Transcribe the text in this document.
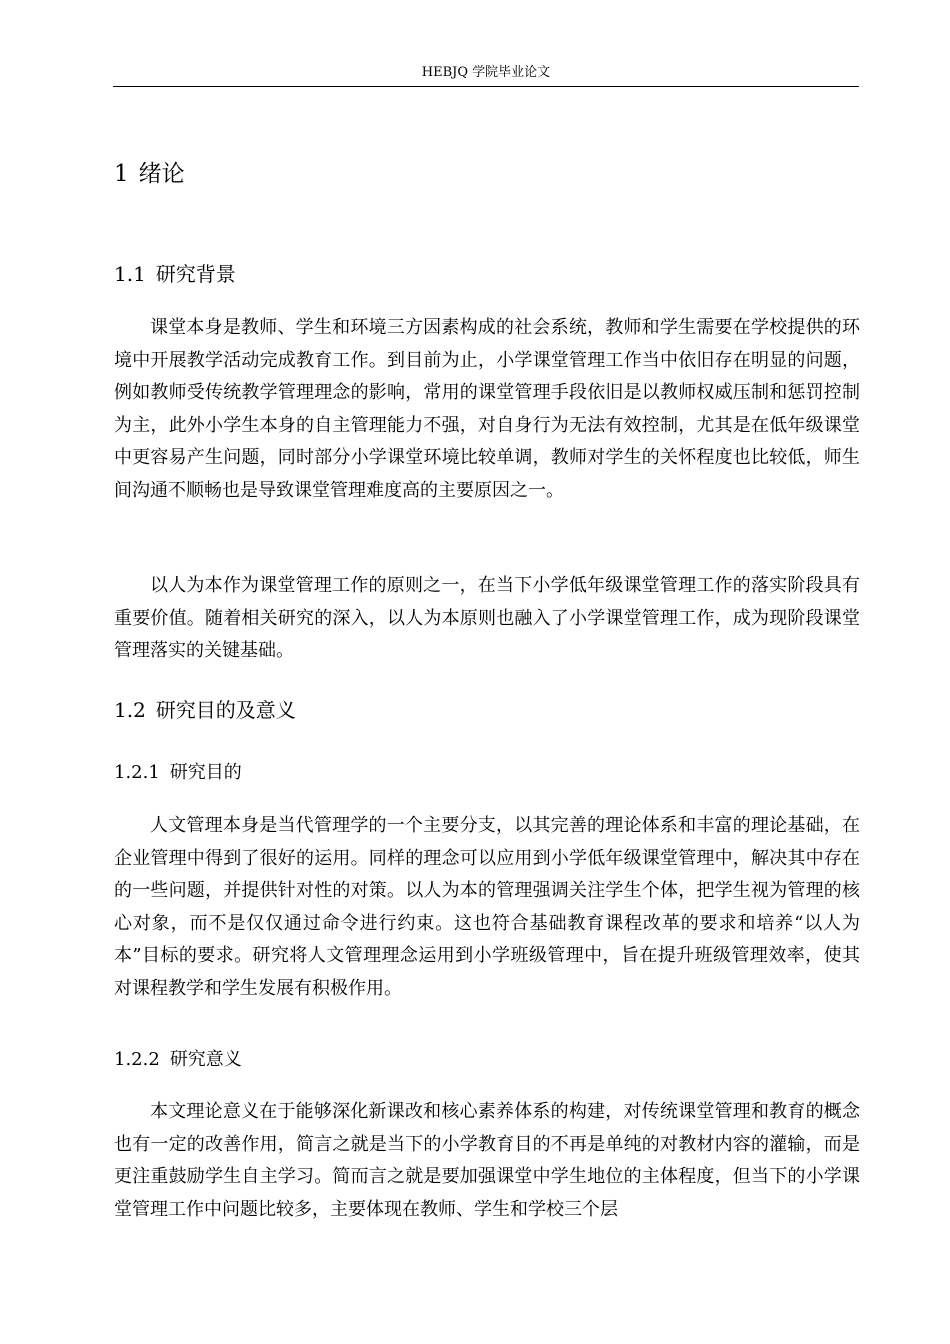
HEBJQ 学院毕业论文
1 绪论
1.1 研究背景

课堂本身是教师、学生和环境三方因素构成的社会系统，教师和学生需要在学校提供的环境中开展教学活动完成教育工作。到目前为止，小学课堂管理工作当中依旧存在明显的问题，例如教师受传统教学管理理念的影响，常用的课堂管理手段依旧是以教师权威压制和惩罚控制为主，此外小学生本身的自主管理能力不强，对自身行为无法有效控制，尤其是在低年级课堂中更容易产生问题，同时部分小学课堂环境比较单调，教师对学生的关怀程度也比较低，师生间沟通不顺畅也是导致课堂管理难度高的主要原因之一。

以人为本作为课堂管理工作的原则之一，在当下小学低年级课堂管理工作的落实阶段具有重要价值。随着相关研究的深入，以人为本原则也融入了小学课堂管理工作，成为现阶段课堂管理落实的关键基础。

1.2 研究目的及意义
1.2.1 研究目的

人文管理本身是当代管理学的一个主要分支，以其完善的理论体系和丰富的理论基础，在企业管理中得到了很好的运用。同样的理念可以应用到小学低年级课堂管理中，解决其中存在的一些问题，并提供针对性的对策。以人为本的管理强调关注学生个体，把学生视为管理的核心对象，而不是仅仅通过命令进行约束。这也符合基础教育课程改革的要求和培养“以人为本”目标的要求。研究将人文管理理念运用到小学班级管理中，旨在提升班级管理效率，使其对课程教学和学生发展有积极作用。

1.2.2 研究意义

本文理论意义在于能够深化新课改和核心素养体系的构建，对传统课堂管理和教育的概念也有一定的改善作用，简言之就是当下的小学教育目的不再是单纯的对教材内容的灌输，而是更注重鼓励学生自主学习。简而言之就是要加强课堂中学生地位的主体程度，但当下的小学课堂管理工作中问题比较多，主要体现在教师、学生和学校三个层
